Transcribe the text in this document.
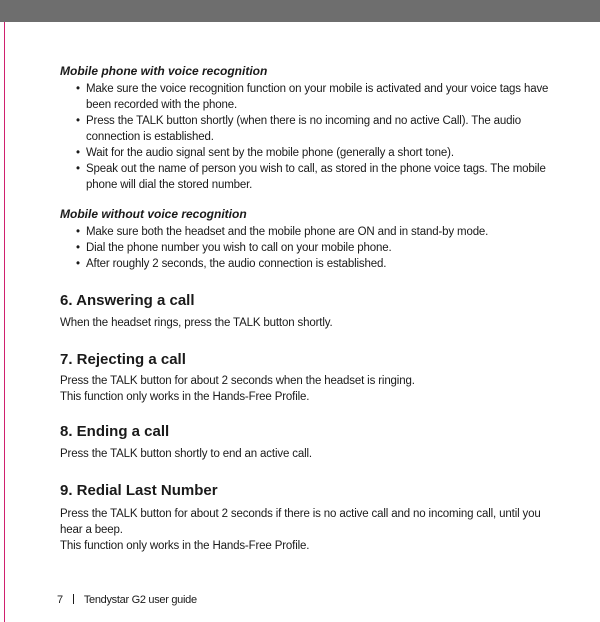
Mobile phone with voice recognition

• Make sure the voice recognition function on your mobile is activated and your voice tags have been recorded with the phone.
• Press the TALK button shortly (when there is no incoming and no active Call). The audio connection is established.
• Wait for the audio signal sent by the mobile phone (generally a short tone).
• Speak out the name of person you wish to call, as stored in the phone voice tags. The mobile phone will dial the stored number.

Mobile without voice recognition

• Make sure both the headset and the mobile phone are ON and in stand-by mode.
• Dial the phone number you wish to call on your mobile phone.
• After roughly 2 seconds, the audio connection is established.

6. Answering a call

When the headset rings, press the TALK button shortly.

7. Rejecting a call

Press the TALK button for about 2 seconds when the headset is ringing.

This function only works in the Hands-Free Profile.

8. Ending a call

Press the TALK button shortly to end an active call.

9. Redial Last Number

Press the TALK button for about 2 seconds if there is no active call and no incoming call, until you hear a beep.

This function only works in the Hands-Free Profile.

7 Tendystar G2 user guide
